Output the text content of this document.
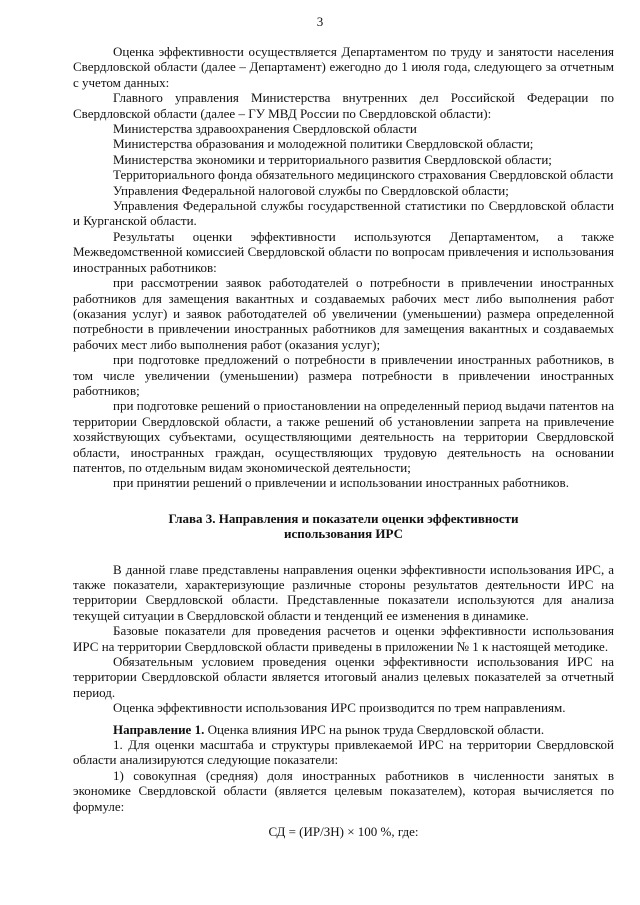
3

Оценка эффективности осуществляется Департаментом по труду и занятости населения Свердловской области (далее – Департамент) ежегодно до 1 июля года, следующего за отчетным с учетом данных:

Главного управления Министерства внутренних дел Российской Федерации по Свердловской области (далее – ГУ МВД России по Свердловской области):

Министерства здравоохранения Свердловской области

Министерства образования и молодежной политики Свердловской области;

Министерства экономики и территориального развития Свердловской области;

Территориального фонда обязательного медицинского страхования Свердловской области

Управления Федеральной налоговой службы по Свердловской области;

Управления Федеральной службы государственной статистики по Свердловской области и Курганской области.

Результаты оценки эффективности используются Департаментом, а также Межведомственной комиссией Свердловской области по вопросам привлечения и использования иностранных работников:

при рассмотрении заявок работодателей о потребности в привлечении иностранных работников для замещения вакантных и создаваемых рабочих мест либо выполнения работ (оказания услуг) и заявок работодателей об увеличении (уменьшении) размера определенной потребности в привлечении иностранных работников для замещения вакантных и создаваемых рабочих мест либо выполнения работ (оказания услуг);

при подготовке предложений о потребности в привлечении иностранных работников, в том числе увеличении (уменьшении) размера потребности в привлечении иностранных работников;

при подготовке решений о приостановлении на определенный период выдачи патентов на территории Свердловской области, а также решений об установлении запрета на привлечение хозяйствующих субъектами, осуществляющими деятельность на территории Свердловской области, иностранных граждан, осуществляющих трудовую деятельность на основании патентов, по отдельным видам экономической деятельности;

при принятии решений о привлечении и использовании иностранных работников.

Глава 3. Направления и показатели оценки эффективности
использования ИРС

В данной главе представлены направления оценки эффективности использования ИРС, а также показатели, характеризующие различные стороны результатов деятельности ИРС на территории Свердловской области. Представленные показатели используются для анализа текущей ситуации в Свердловской области и тенденций ее изменения в динамике.

Базовые показатели для проведения расчетов и оценки эффективности использования ИРС на территории Свердловской области приведены в приложении № 1 к настоящей методике.

Обязательным условием проведения оценки эффективности использования ИРС на территории Свердловской области является итоговый анализ целевых показателей за отчетный период.

Оценка эффективности использования ИРС производится по трем направлениям.

Направление 1. Оценка влияния ИРС на рынок труда Свердловской области.

1. Для оценки масштаба и структуры привлекаемой ИРС на территории Свердловской области анализируются следующие показатели:

1) совокупная (средняя) доля иностранных работников в численности занятых в экономике Свердловской области (является целевым показателем), которая вычисляется по формуле:

СД = (ИР/ЗН) × 100 %, где:
